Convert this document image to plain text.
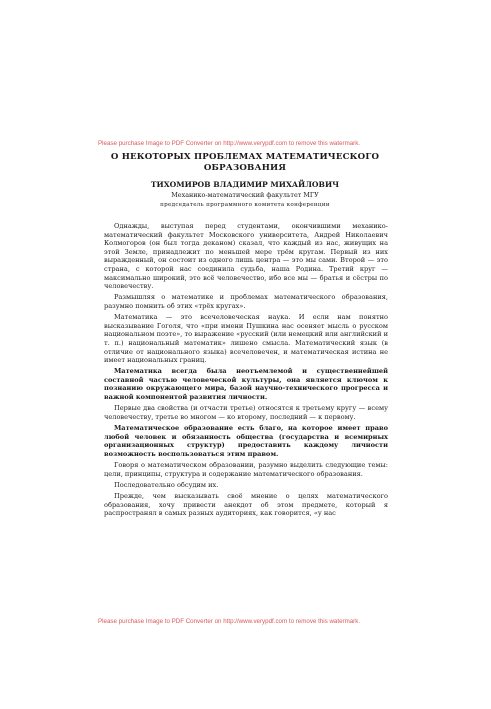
Please purchase Image to PDF Converter on http://www.verypdf.com to remove this watermark.
О НЕКОТОРЫХ ПРОБЛЕМАХ МАТЕМАТИЧЕСКОГО
ОБРАЗОВАНИЯ
ТИХОМИРОВ ВЛАДИМИР МИХАЙЛОВИЧ
Механико-математический факультет МГУ
председатель программного комитета конференции

Однажды, выступая перед студентами, окончившими механико-математический факультет Московского университета, Андрей Николаевич Колмогоров (он был тогда деканом) сказал, что каждый из нас, живущих на этой Земле, принадлежит по меньшей мере трём кругам. Первый из них выражденный, он состоит из одного лишь центра — это мы сами. Второй — это страна, с которой нас соединила судьба, наша Родина. Третий круг — максимально широкий, это всё человечество, ибо все мы — братья и сёстры по человечеству.

Размышляя о математике и проблемах математического образования, разумно помнить об этих «трёх кругах».

Математика — это всечеловеческая наука. И если нам понятно высказывание Гоголя, что «при имени Пушкина нас осеняет мысль о русском национальном поэте», то выражение «русский (или немецкий или английский и т. п.) национальный математик» лишено смысла. Математический язык (в отличие от национального языка) всечеловечен, и математическая истина не имеет национальных границ.

Математика всегда была неотъемлемой и существеннейшей составной частью человеческой культуры, она является ключом к познанию окружающего мира, базой научно-технического прогресса и важной компонентой развития личности.

Первые два свойства (и отчасти третье) относятся к третьему кругу — всему человечеству, третье во многом — ко второму, последний — к первому.

Математическое образование есть благо, на которое имеет право любой человек и обязанность общества (государства и всемирных организационных структур) предоставить каждому личности возможность воспользоваться этим правом.

Говоря о математическом образовании, разумно выделить следующие темы: цели, принципы, структура и содержание математического образования.

Последовательно обсудим их.

Прежде, чем высказывать своё мнение о целях математического образования, хочу привести анекдот об этом предмете, который я распространял в самых разных аудиториях, как говорится, «у нас

Please purchase Image to PDF Converter on http://www.verypdf.com to remove this watermark.
